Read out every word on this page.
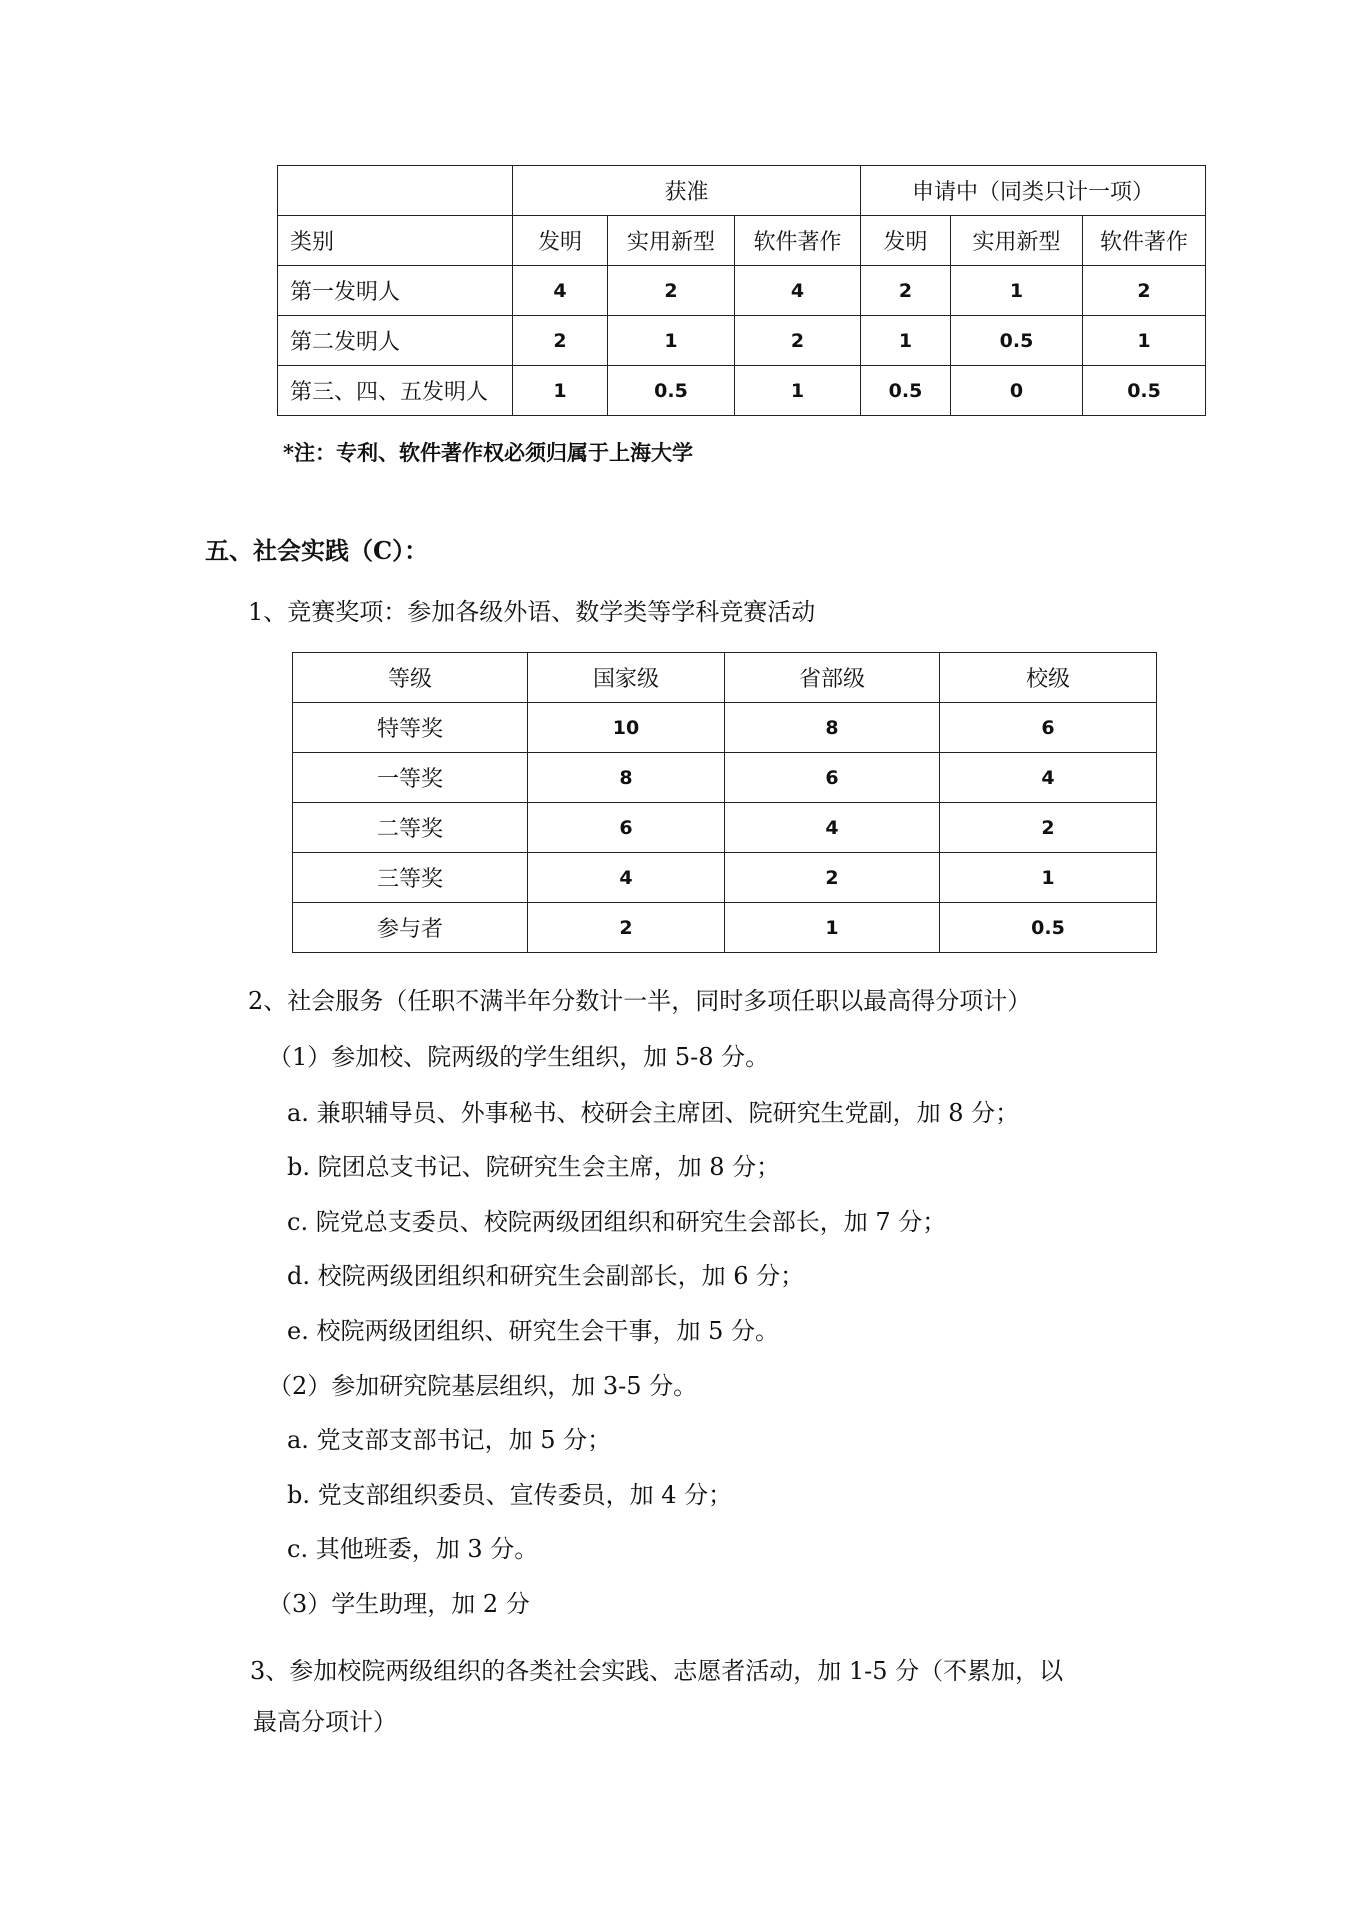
	获准			申请中（同类只计一项）		
类别	发明	实用新型	软件著作	发明	实用新型	软件著作
第一发明人	4	2	4	2	1	2
第二发明人	2	1	2	1	0.5	1
第三、四、五发明人	1	0.5	1	0.5	0	0.5
*注：专利、软件著作权必须归属于上海大学
五、社会实践（C）：
1、竞赛奖项：参加各级外语、数学类等学科竞赛活动
等级	国家级	省部级	校级
特等奖	10	8	6
一等奖	8	6	4
二等奖	6	4	2
三等奖	4	2	1
参与者	2	1	0.5
2、社会服务（任职不满半年分数计一半，同时多项任职以最高得分项计）
（1）参加校、院两级的学生组织，加 5-8 分。
a. 兼职辅导员、外事秘书、校研会主席团、院研究生党副，加 8 分；
b. 院团总支书记、院研究生会主席，加 8 分；
c. 院党总支委员、校院两级团组织和研究生会部长，加 7 分；
d. 校院两级团组织和研究生会副部长，加 6 分；
e. 校院两级团组织、研究生会干事，加 5 分。
（2）参加研究院基层组织，加 3-5 分。
a. 党支部支部书记，加 5 分；
b. 党支部组织委员、宣传委员，加 4 分；
c. 其他班委，加 3 分。
（3）学生助理，加 2 分
3、参加校院两级组织的各类社会实践、志愿者活动，加 1-5 分（不累加，以
最高分项计）
